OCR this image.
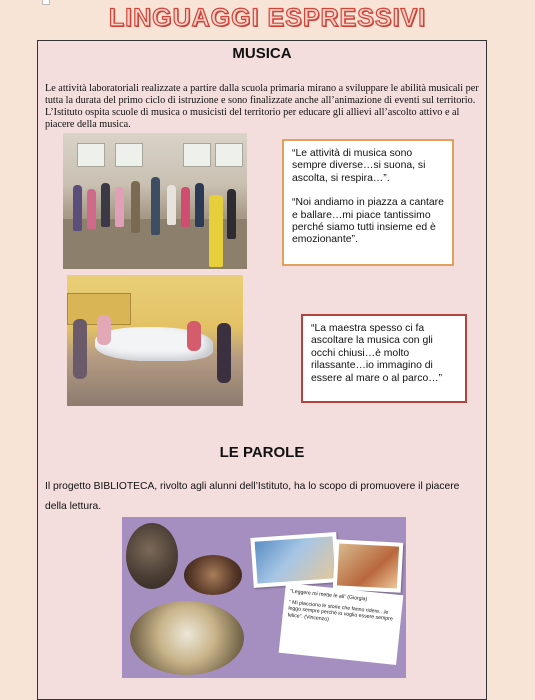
LINGUAGGI ESPRESSIVI
MUSICA

Le attività laboratoriali realizzate a partire dalla scuola primaria mirano a sviluppare le abilità musicali per tutta la durata del primo ciclo di istruzione e sono finalizzate anche all’animazione di eventi sul territorio. L’Istituto ospita scuole di musica o musicisti del territorio per educare gli allievi all’ascolto attivo e al piacere della musica.

“Le attività di musica sono sempre diverse…si suona, si ascolta, si respira…”.

“Noi andiamo in piazza a cantare e ballare…mi piace tantissimo perché siamo tutti insieme ed è emozionante”.

“La maestra spesso ci fa ascoltare la musica con gli occhi chiusi…è molto rilassante…io immagino di essere al mare o al parco…”

LE PAROLE

Il progetto BIBLIOTECA, rivolto agli alunni dell’Istituto, ha lo scopo di promuovere il piacere della lettura.

“Leggere mi mette le ali” (Giorgia)

“ Mi piacciono le storie che fanno ridere…le leggo sempre perché io voglio essere sempre felice”. (Vincenzo)
